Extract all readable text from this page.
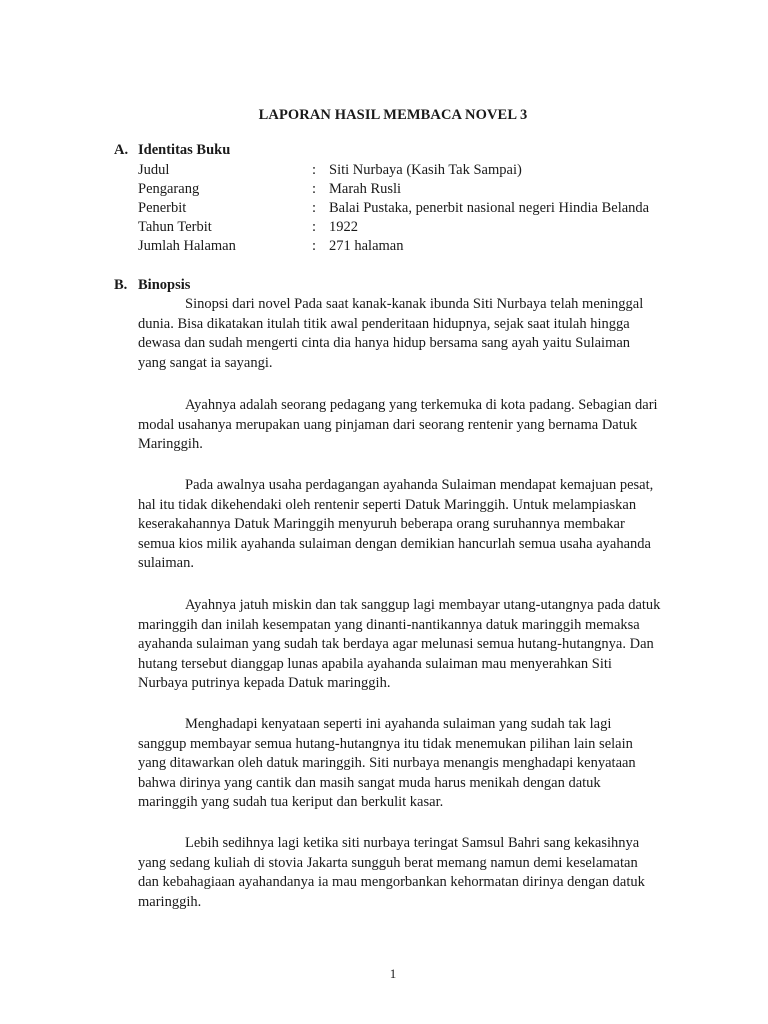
LAPORAN HASIL MEMBACA NOVEL 3
A. Identitas Buku
Judul	: Siti Nurbaya (Kasih Tak Sampai)
Pengarang	: Marah Rusli
Penerbit	: Balai Pustaka, penerbit nasional negeri Hindia Belanda
Tahun Terbit	: 1922
Jumlah Halaman	: 271 halaman
B. Binopsis

Sinopsi dari novel Pada saat kanak-kanak ibunda Siti Nurbaya telah meninggal
dunia. Bisa dikatakan itulah titik awal penderitaan hidupnya, sejak saat itulah hingga
dewasa dan sudah mengerti cinta dia hanya hidup bersama sang ayah yaitu Sulaiman
yang sangat ia sayangi.

Ayahnya adalah seorang pedagang yang terkemuka di kota padang. Sebagian dari
modal usahanya merupakan uang pinjaman dari seorang rentenir yang bernama Datuk
Maringgih.

Pada awalnya usaha perdagangan ayahanda Sulaiman mendapat kemajuan pesat,
hal itu tidak dikehendaki oleh rentenir seperti Datuk Maringgih. Untuk melampiaskan
keserakahannya Datuk Maringgih menyuruh beberapa orang suruhannya membakar
semua kios milik ayahanda sulaiman dengan demikian hancurlah semua usaha ayahanda
sulaiman.

Ayahnya jatuh miskin dan tak sanggup lagi membayar utang-utangnya pada datuk
maringgih dan inilah kesempatan yang dinanti-nantikannya datuk maringgih memaksa
ayahanda sulaiman yang sudah tak berdaya agar melunasi semua hutang-hutangnya. Dan
hutang tersebut dianggap lunas apabila ayahanda sulaiman mau menyerahkan Siti
Nurbaya putrinya kepada Datuk maringgih.

Menghadapi kenyataan seperti ini ayahanda sulaiman yang sudah tak lagi
sanggup membayar semua hutang-hutangnya itu tidak menemukan pilihan lain selain
yang ditawarkan oleh datuk maringgih. Siti nurbaya menangis menghadapi kenyataan
bahwa dirinya yang cantik dan masih sangat muda harus menikah dengan datuk
maringgih yang sudah tua keriput dan berkulit kasar.

Lebih sedihnya lagi ketika siti nurbaya teringat Samsul Bahri sang kekasihnya
yang sedang kuliah di stovia Jakarta sungguh berat memang namun demi keselamatan
dan kebahagiaan ayahandanya ia mau mengorbankan kehormatan dirinya dengan datuk
maringgih.

1
